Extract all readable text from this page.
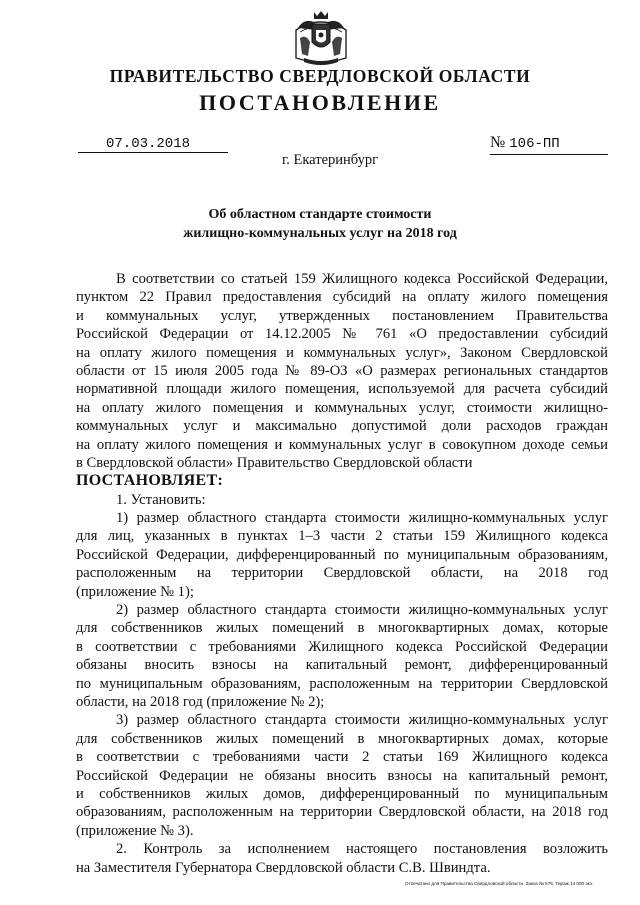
ПРАВИТЕЛЬСТВО СВЕРДЛОВСКОЙ ОБЛАСТИ
ПОСТАНОВЛЕНИЕ
07.03.2018	№ 106-ПП
г. Екатеринбург
Об областном стандарте стоимости
жилищно-коммунальных услуг на 2018 год
В соответствии со статьей 159 Жилищного кодекса Российской Федерации,
пунктом 22 Правил предоставления субсидий на оплату жилого помещения
и коммунальных услуг, утвержденных постановлением Правительства
Российской Федерации от 14.12.2005 № 761 «О предоставлении субсидий
на оплату жилого помещения и коммунальных услуг», Законом Свердловской
области от 15 июля 2005 года № 89-ОЗ «О размерах региональных стандартов
нормативной площади жилого помещения, используемой для расчета субсидий
на оплату жилого помещения и коммунальных услуг, стоимости жилищно-
коммунальных услуг и максимально допустимой доли расходов граждан
на оплату жилого помещения и коммунальных услуг в совокупном доходе семьи
в Свердловской области» Правительство Свердловской области
ПОСТАНОВЛЯЕТ:
1. Установить:
1) размер областного стандарта стоимости жилищно-коммунальных услуг
для лиц, указанных в пунктах 1–3 части 2 статьи 159 Жилищного кодекса
Российской Федерации, дифференцированный по муниципальным образованиям,
расположенным на территории Свердловской области, на 2018 год
(приложение № 1);
2) размер областного стандарта стоимости жилищно-коммунальных услуг
для собственников жилых помещений в многоквартирных домах, которые
в соответствии с требованиями Жилищного кодекса Российской Федерации
обязаны вносить взносы на капитальный ремонт, дифференцированный
по муниципальным образованиям, расположенным на территории Свердловской
области, на 2018 год (приложение № 2);
3) размер областного стандарта стоимости жилищно-коммунальных услуг
для собственников жилых помещений в многоквартирных домах, которые
в соответствии с требованиями части 2 статьи 169 Жилищного кодекса
Российской Федерации не обязаны вносить взносы на капитальный ремонт,
и собственников жилых домов, дифференцированный по муниципальным
образованиям, расположенным на территории Свердловской области, на 2018 год
(приложение № 3).
2. Контроль за исполнением настоящего постановления возложить
на Заместителя Губернатора Свердловской области С.В. Швиндта.
Отпечатано для Правительства Свердловской области. Заказ № 575. Тираж 14 000 экз.
